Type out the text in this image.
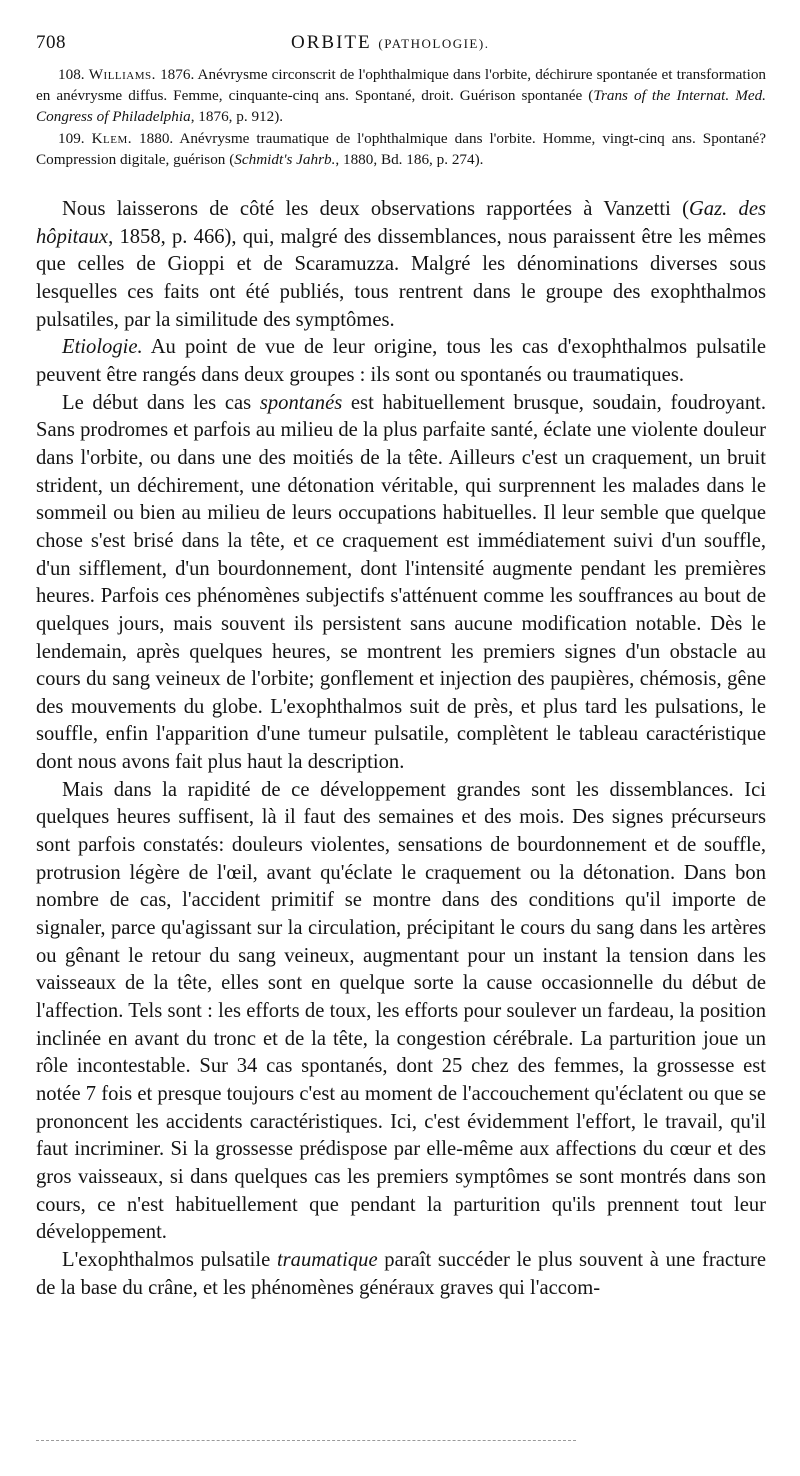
708	ORBITE (PATHOLOGIE).

108. Williams. 1876. Anévrysme circonscrit de l'ophthalmique dans l'orbite, déchirure spontanée et transformation en anévrysme diffus. Femme, cinquante-cinq ans. Spontané, droit. Guérison spontanée (Trans of the Internat. Med. Congress of Philadelphia, 1876, p. 912).

109. Klem. 1880. Anévrysme traumatique de l'ophthalmique dans l'orbite. Homme, vingt-cinq ans. Spontané? Compression digitale, guérison (Schmidt's Jahrb., 1880, Bd. 186, p. 274).

Nous laisserons de côté les deux observations rapportées à Vanzetti (Gaz. des hôpitaux, 1858, p. 466), qui, malgré des dissemblances, nous paraissent être les mêmes que celles de Gioppi et de Scaramuzza. Malgré les dénominations diverses sous lesquelles ces faits ont été publiés, tous rentrent dans le groupe des exophthalmos pulsatiles, par la similitude des symptômes.

Etiologie. Au point de vue de leur origine, tous les cas d'exophthalmos pulsatile peuvent être rangés dans deux groupes : ils sont ou spontanés ou traumatiques.

Le début dans les cas spontanés est habituellement brusque, soudain, foudroyant. Sans prodromes et parfois au milieu de la plus parfaite santé, éclate une violente douleur dans l'orbite, ou dans une des moitiés de la tête. Ailleurs c'est un craquement, un bruit strident, un déchirement, une détonation véritable, qui surprennent les malades dans le sommeil ou bien au milieu de leurs occupations habituelles. Il leur semble que quelque chose s'est brisé dans la tête, et ce craquement est immédiatement suivi d'un souffle, d'un sifflement, d'un bourdonnement, dont l'intensité augmente pendant les premières heures. Parfois ces phénomènes subjectifs s'atténuent comme les souffrances au bout de quelques jours, mais souvent ils persistent sans aucune modification notable. Dès le lendemain, après quelques heures, se montrent les premiers signes d'un obstacle au cours du sang veineux de l'orbite; gonflement et injection des paupières, chémosis, gêne des mouvements du globe. L'exophthalmos suit de près, et plus tard les pulsations, le souffle, enfin l'apparition d'une tumeur pulsatile, complètent le tableau caractéristique dont nous avons fait plus haut la description.

Mais dans la rapidité de ce développement grandes sont les dissemblances. Ici quelques heures suffisent, là il faut des semaines et des mois. Des signes précurseurs sont parfois constatés: douleurs violentes, sensations de bourdonnement et de souffle, protrusion légère de l'œil, avant qu'éclate le craquement ou la détonation. Dans bon nombre de cas, l'accident primitif se montre dans des conditions qu'il importe de signaler, parce qu'agissant sur la circulation, précipitant le cours du sang dans les artères ou gênant le retour du sang veineux, augmentant pour un instant la tension dans les vaisseaux de la tête, elles sont en quelque sorte la cause occasionnelle du début de l'affection. Tels sont : les efforts de toux, les efforts pour soulever un fardeau, la position inclinée en avant du tronc et de la tête, la congestion cérébrale. La parturition joue un rôle incontestable. Sur 34 cas spontanés, dont 25 chez des femmes, la grossesse est notée 7 fois et presque toujours c'est au moment de l'accouchement qu'éclatent ou que se prononcent les accidents caractéristiques. Ici, c'est évidemment l'effort, le travail, qu'il faut incriminer. Si la grossesse prédispose par elle-même aux affections du cœur et des gros vaisseaux, si dans quelques cas les premiers symptômes se sont montrés dans son cours, ce n'est habituellement que pendant la parturition qu'ils prennent tout leur développement.

L'exophthalmos pulsatile traumatique paraît succéder le plus souvent à une fracture de la base du crâne, et les phénomènes généraux graves qui l'accom-
